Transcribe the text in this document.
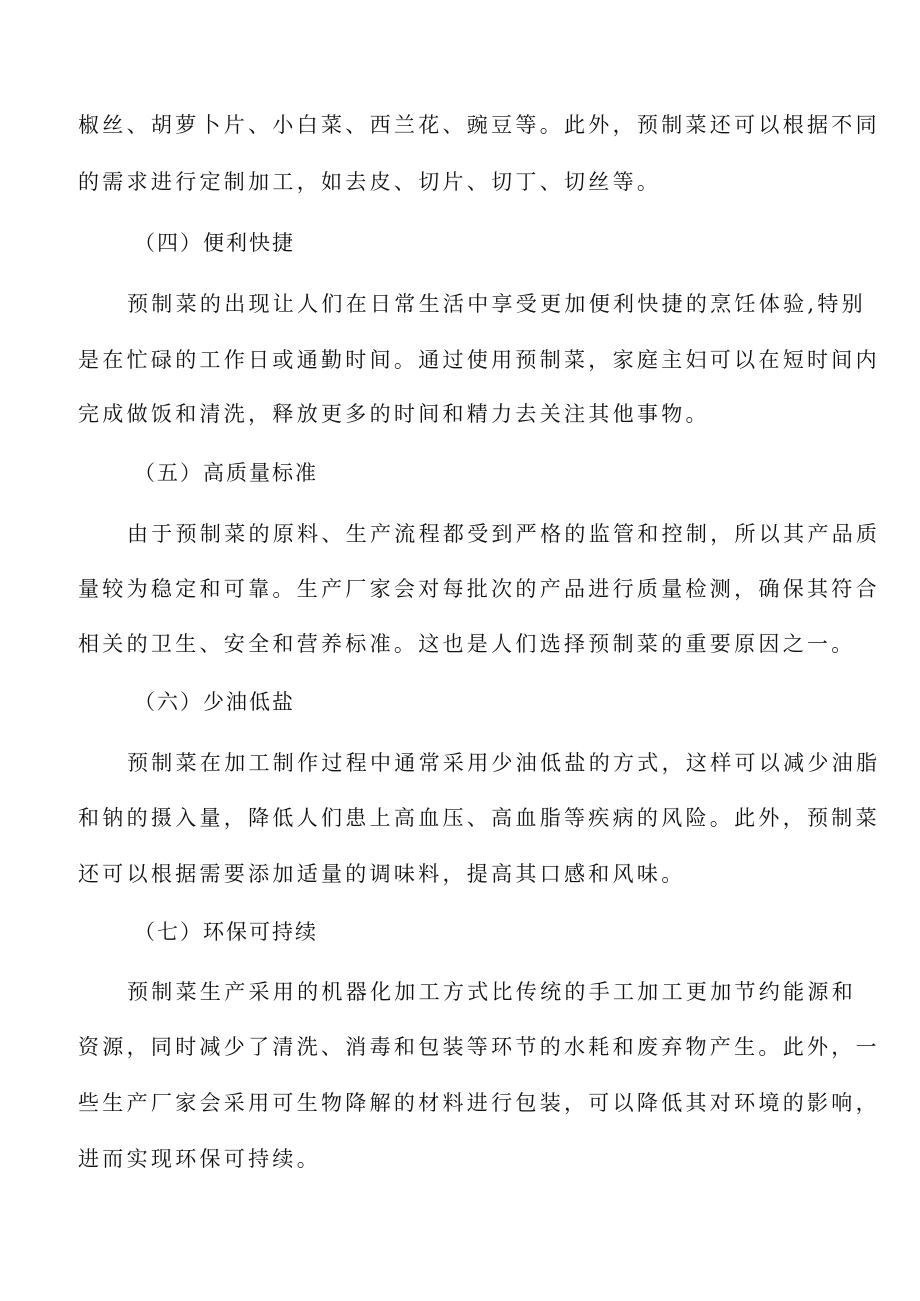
椒丝、胡萝卜片、小白菜、西兰花、豌豆等。此外，预制菜还可以根据不同

的需求进行定制加工，如去皮、切片、切丁、切丝等。

（四）便利快捷

预制菜的出现让人们在日常生活中享受更加便利快捷的烹饪体验,特别

是在忙碌的工作日或通勤时间。通过使用预制菜，家庭主妇可以在短时间内

完成做饭和清洗，释放更多的时间和精力去关注其他事物。

（五）高质量标准

由于预制菜的原料、生产流程都受到严格的监管和控制，所以其产品质

量较为稳定和可靠。生产厂家会对每批次的产品进行质量检测，确保其符合

相关的卫生、安全和营养标准。这也是人们选择预制菜的重要原因之一。

（六）少油低盐

预制菜在加工制作过程中通常采用少油低盐的方式，这样可以减少油脂

和钠的摄入量，降低人们患上高血压、高血脂等疾病的风险。此外，预制菜

还可以根据需要添加适量的调味料，提高其口感和风味。

（七）环保可持续

预制菜生产采用的机器化加工方式比传统的手工加工更加节约能源和

资源，同时减少了清洗、消毒和包装等环节的水耗和废弃物产生。此外，一

些生产厂家会采用可生物降解的材料进行包装，可以降低其对环境的影响，

进而实现环保可持续。
